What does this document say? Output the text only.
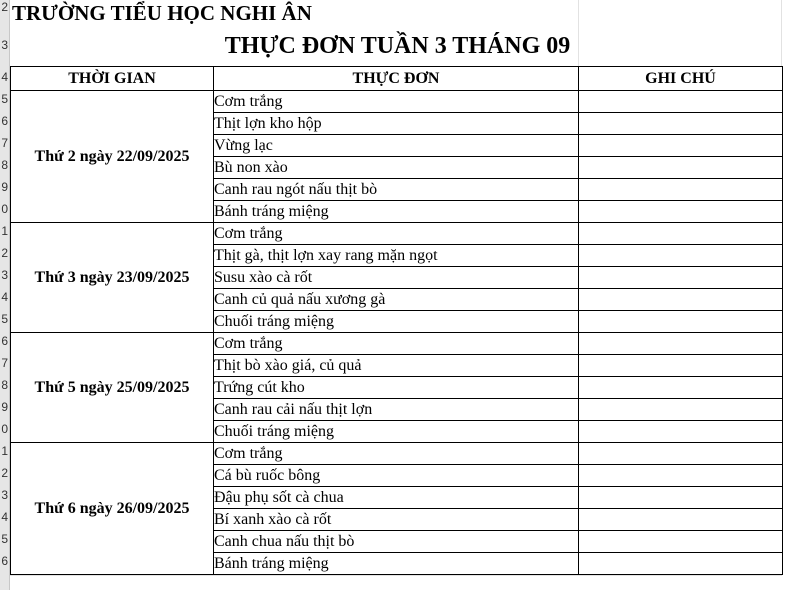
2
3
4
5
6
7
8
9
0
1
2
3
4
5
6
7
8
9
0
1
2
3
4
5
6
TRƯỜNG TIỂU HỌC NGHI ÂN
THỰC ĐƠN TUẦN 3 THÁNG 09
THỜI GIAN	THỰC ĐƠN	GHI CHÚ
Thứ 2 ngày 22/09/2025	Cơm trắng	
	Thịt lợn kho hộp	
	Vừng lạc	
	Bù non xào	
	Canh rau ngót nấu thịt bò	
	Bánh tráng miệng	
Thứ 3 ngày 23/09/2025	Cơm trắng	
	Thịt gà, thịt lợn xay rang mặn ngọt	
	Susu xào cà rốt	
	Canh củ quả nấu xương gà	
	Chuối tráng miệng	
Thứ 5 ngày 25/09/2025	Cơm trắng	
	Thịt bò xào giá, củ quả	
	Trứng cút kho	
	Canh rau cải nấu thịt lợn	
	Chuối tráng miệng	
Thứ 6 ngày 26/09/2025	Cơm trắng	
	Cá bù ruốc bông	
	Đậu phụ sốt cà chua	
	Bí xanh xào cà rốt	
	Canh chua nấu thịt bò	
	Bánh tráng miệng	
